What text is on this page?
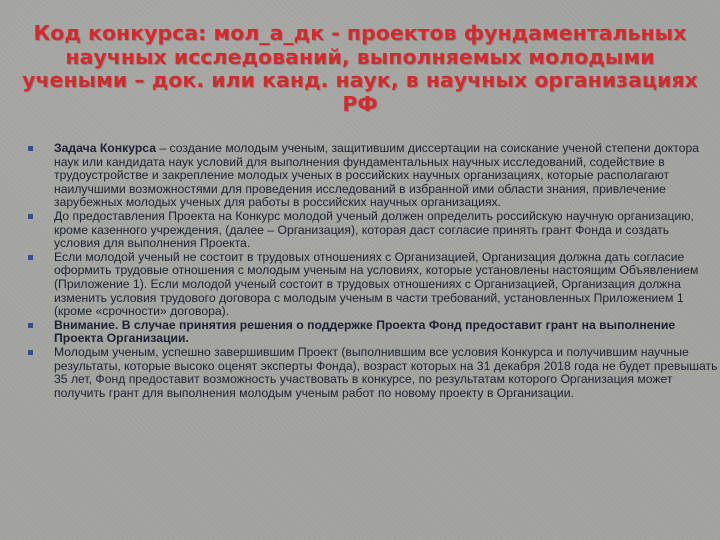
Код конкурса: мол_а_дк - проектов фундаментальных научных исследований, выполняемых молодыми учеными – док. или канд. наук, в научных организациях РФ
Задача Конкурса – создание молодым ученым, защитившим диссертации на соискание ученой степени доктора наук или кандидата наук условий для выполнения фундаментальных научных исследований, содействие в трудоустройстве и закрепление молодых ученых в российских научных организациях, которые располагают наилучшими возможностями для проведения исследований в избранной ими области знания, привлечение зарубежных молодых ученых для работы в российских научных организациях.
До предоставления Проекта на Конкурс молодой ученый должен определить российскую научную организацию, кроме казенного учреждения, (далее – Организация), которая даст согласие принять грант Фонда и создать условия для выполнения Проекта.
Если молодой ученый не состоит в трудовых отношениях с Организацией, Организация должна дать согласие оформить трудовые отношения с молодым ученым на условиях, которые установлены настоящим Объявлением (Приложение 1). Если молодой ученый состоит в трудовых отношениях с Организацией, Организация должна изменить условия трудового договора с молодым ученым в части требований, установленных Приложением 1 (кроме «срочности» договора).
Внимание. В случае принятия решения о поддержке Проекта Фонд предоставит грант на выполнение Проекта Организации.
Молодым ученым, успешно завершившим Проект (выполнившим все условия Конкурса и получившим научные результаты, которые высоко оценят эксперты Фонда), возраст которых на 31 декабря 2018 года не будет превышать 35 лет, Фонд предоставит возможность участвовать в конкурсе, по результатам которого Организация может получить грант для выполнения молодым ученым работ по новому проекту в Организации.
